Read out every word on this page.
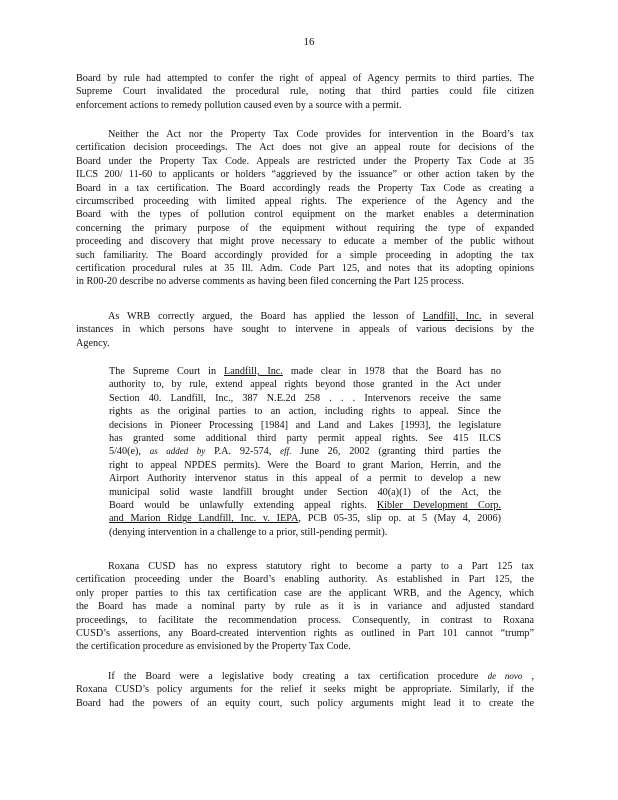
16
Board by rule had attempted to confer the right of appeal of Agency permits to third parties. The
Supreme Court invalidated the procedural rule, noting that third parties could file citizen
enforcement actions to remedy pollution caused even by a source with a permit.
Neither the Act nor the Property Tax Code provides for intervention in the Board’s tax
certification decision proceedings. The Act does not give an appeal route for decisions of the
Board under the Property Tax Code. Appeals are restricted under the Property Tax Code at 35
ILCS 200/ 11-60 to applicants or holders “aggrieved by the issuance” or other action taken by the
Board in a tax certification. The Board accordingly reads the Property Tax Code as creating a
circumscribed proceeding with limited appeal rights. The experience of the Agency and the
Board with the types of pollution control equipment on the market enables a determination
concerning the primary purpose of the equipment without requiring the type of expanded
proceeding and discovery that might prove necessary to educate a member of the public without
such familiarity. The Board accordingly provided for a simple proceeding in adopting the tax
certification procedural rules at 35 Ill. Adm. Code Part 125, and notes that its adopting opinions
in R00-20 describe no adverse comments as having been filed concerning the Part 125 process.
As WRB correctly argued, the Board has applied the lesson of Landfill, Inc. in several
instances in which persons have sought to intervene in appeals of various decisions by the
Agency.
The Supreme Court in Landfill, Inc. made clear in 1978 that the Board has no
authority to, by rule, extend appeal rights beyond those granted in the Act under
Section 40. Landfill, Inc., 387 N.E.2d 258 . . . Intervenors receive the same
rights as the original parties to an action, including rights to appeal. Since the
decisions in Pioneer Processing [1984] and Land and Lakes [1993], the legislature
has granted some additional third party permit appeal rights. See 415 ILCS
5/40(e), as added by P.A. 92-574, eff. June 26, 2002 (granting third parties the
right to appeal NPDES permits). Were the Board to grant Marion, Herrin, and the
Airport Authority intervenor status in this appeal of a permit to develop a new
municipal solid waste landfill brought under Section 40(a)(1) of the Act, the
Board would be unlawfully extending appeal rights. Kibler Development Corp.
and Marion Ridge Landfill, Inc. v. IEPA, PCB 05-35, slip op. at 5 (May 4, 2006)
(denying intervention in a challenge to a prior, still-pending permit).
Roxana CUSD has no express statutory right to become a party to a Part 125 tax
certification proceeding under the Board’s enabling authority. As established in Part 125, the
only proper parties to this tax certification case are the applicant WRB, and the Agency, which
the Board has made a nominal party by rule as it is in variance and adjusted standard
proceedings, to facilitate the recommendation process. Consequently, in contrast to Roxana
CUSD’s assertions, any Board-created intervention rights as outlined in Part 101 cannot “trump”
the certification procedure as envisioned by the Property Tax Code.
If the Board were a legislative body creating a tax certification procedure de novo ,
Roxana CUSD’s policy arguments for the relief it seeks might be appropriate. Similarly, if the
Board had the powers of an equity court, such policy arguments might lead it to create the
